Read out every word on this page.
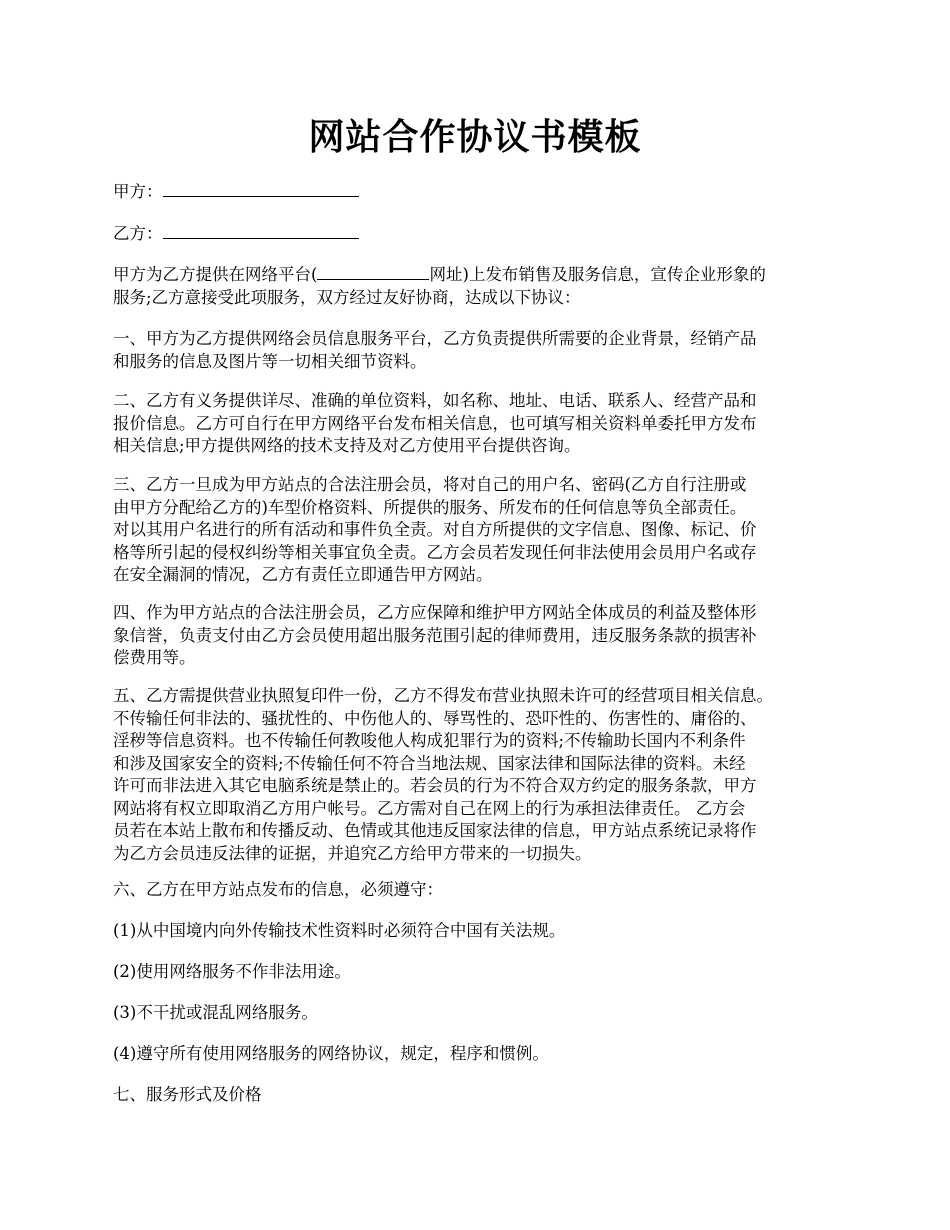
网站合作协议书模板

甲方：

乙方：

甲方为乙方提供在网络平台(	网址)上发布销售及服务信息，宣传企业形象的
服务;乙方意接受此项服务，双方经过友好协商，达成以下协议：

一、甲方为乙方提供网络会员信息服务平台，乙方负责提供所需要的企业背景，经销产品
和服务的信息及图片等一切相关细节资料。

二、乙方有义务提供详尽、准确的单位资料，如名称、地址、电话、联系人、经营产品和
报价信息。乙方可自行在甲方网络平台发布相关信息，也可填写相关资料单委托甲方发布
相关信息;甲方提供网络的技术支持及对乙方使用平台提供咨询。

三、乙方一旦成为甲方站点的合法注册会员，将对自己的用户名、密码(乙方自行注册或
由甲方分配给乙方的)车型价格资料、所提供的服务、所发布的任何信息等负全部责任。
对以其用户名进行的所有活动和事件负全责。对自方所提供的文字信息、图像、标记、价
格等所引起的侵权纠纷等相关事宜负全责。乙方会员若发现任何非法使用会员用户名或存
在安全漏洞的情况，乙方有责任立即通告甲方网站。

四、作为甲方站点的合法注册会员，乙方应保障和维护甲方网站全体成员的利益及整体形
象信誉，负责支付由乙方会员使用超出服务范围引起的律师费用，违反服务条款的损害补
偿费用等。

五、乙方需提供营业执照复印件一份，乙方不得发布营业执照未许可的经营项目相关信息。
不传输任何非法的、骚扰性的、中伤他人的、辱骂性的、恐吓性的、伤害性的、庸俗的、
淫秽等信息资料。也不传输任何教唆他人构成犯罪行为的资料;不传输助长国内不利条件
和涉及国家安全的资料;不传输任何不符合当地法规、国家法律和国际法律的资料。未经
许可而非法进入其它电脑系统是禁止的。若会员的行为不符合双方约定的服务条款，甲方
网站将有权立即取消乙方用户帐号。乙方需对自己在网上的行为承担法律责任。 乙方会
员若在本站上散布和传播反动、色情或其他违反国家法律的信息，甲方站点系统记录将作
为乙方会员违反法律的证据，并追究乙方给甲方带来的一切损失。

六、乙方在甲方站点发布的信息，必须遵守：

(1)从中国境内向外传输技术性资料时必须符合中国有关法规。

(2)使用网络服务不作非法用途。

(3)不干扰或混乱网络服务。

(4)遵守所有使用网络服务的网络协议，规定，程序和惯例。

七、服务形式及价格
